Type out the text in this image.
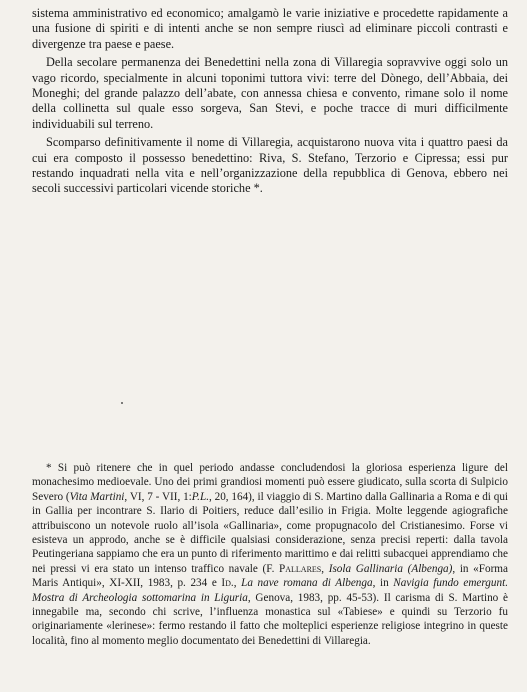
sistema amministrativo ed economico; amalgamò le varie iniziative e procedette rapidamente a una fusione di spiriti e di intenti anche se non sempre riuscì ad eliminare piccoli contrasti e divergenze tra paese e paese.

Della secolare permanenza dei Benedettini nella zona di Villaregia sopravvive oggi solo un vago ricordo, specialmente in alcuni toponimi tuttora vivi: terre del Dònego, dell’Abbaia, dei Moneghi; del grande palazzo dell’abate, con annessa chiesa e convento, rimane solo il nome della collinetta sul quale esso sorgeva, San Stevi, e poche tracce di muri difficilmente individuabili sul terreno.

Scomparso definitivamente il nome di Villaregia, acquistarono nuova vita i quattro paesi da cui era composto il possesso benedettino: Riva, S. Stefano, Terzorio e Cipressa; essi pur restando inquadrati nella vita e nell’organizzazione della repubblica di Genova, ebbero nei secoli successivi particolari vicende storiche *.

* Si può ritenere che in quel periodo andasse concludendosi la gloriosa esperienza ligure del monachesimo medioevale. Uno dei primi grandiosi momenti può essere giudicato, sulla scorta di Sulpicio Severo (Vita Martini, VI, 7 - VII, 1:P.L., 20, 164), il viaggio di S. Martino dalla Gallinaria a Roma e di qui in Gallia per incontrare S. Ilario di Poitiers, reduce dall’esilio in Frigia. Molte leggende agiografiche attribuiscono un notevole ruolo all’isola «Gallinaria», come propugnacolo del Cristianesimo. Forse vi esisteva un approdo, anche se è difficile qualsiasi considerazione, senza precisi reperti: dalla tavola Peutingeriana sappiamo che era un punto di riferimento marittimo e dai relitti subacquei apprendiamo che nei pressi vi era stato un intenso traffico navale (F. Pallares, Isola Gallinaria (Albenga), in «Forma Maris Antiqui», XI-XII, 1983, p. 234 e Id., La nave romana di Albenga, in Navigia fundo emergunt. Mostra di Archeologia sottomarina in Liguria, Genova, 1983, pp. 45-53). Il carisma di S. Martino è innegabile ma, secondo chi scrive, l’influenza monastica sul «Tabiese» e quindi su Terzorio fu originariamente «lerinese»: fermo restando il fatto che molteplici esperienze religiose integrino in queste località, fino al momento meglio documentato dei Benedettini di Villaregia.
